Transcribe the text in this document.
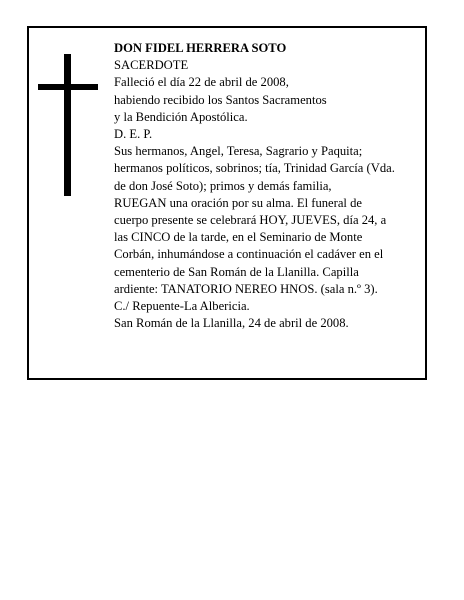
DON FIDEL HERRERA SOTO
SACERDOTE
Falleció el día 22 de abril de 2008,
habiendo recibido los Santos Sacramentos
y la Bendición Apostólica.
D. E. P.
Sus hermanos, Angel, Teresa, Sagrario y Paquita;
hermanos políticos, sobrinos; tía, Trinidad García (Vda.
de don José Soto); primos y demás familia,
RUEGAN una oración por su alma. El funeral de
cuerpo presente se celebrará HOY, JUEVES, día 24, a
las CINCO de la tarde, en el Seminario de Monte
Corbán, inhumándose a continuación el cadáver en el
cementerio de San Román de la Llanilla. Capilla
ardiente: TANATORIO NEREO HNOS. (sala n.º 3).
C./ Repuente-La Albericia.
San Román de la Llanilla, 24 de abril de 2008.
